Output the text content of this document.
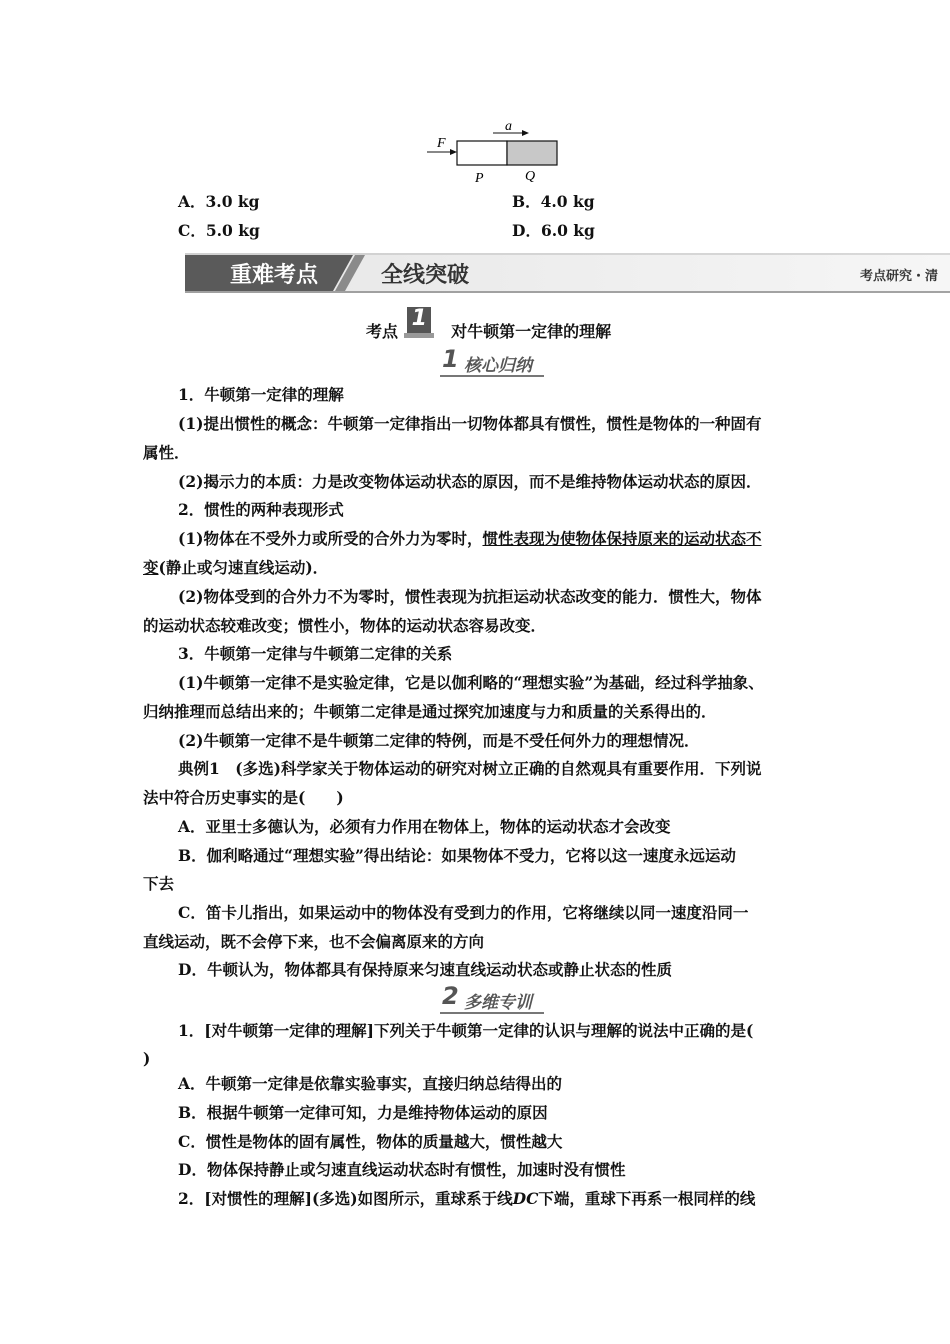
a
F
P	Q
A．3.0 kg	B．4.0 kg
C．5.0 kg	D．6.0 kg
重难考点	全线突破	考点研究・清
考点
1
对牛顿第一定律的理解
1 核心归纳
1．牛顿第一定律的理解
(1)提出惯性的概念：牛顿第一定律指出一切物体都具有惯性，惯性是物体的一种固有
属性．
(2)揭示力的本质：力是改变物体运动状态的原因，而不是维持物体运动状态的原因．
2．惯性的两种表现形式
(1)物体在不受外力或所受的合外力为零时，惯性表现为使物体保持原来的运动状态不
变(静止或匀速直线运动)．
(2)物体受到的合外力不为零时，惯性表现为抗拒运动状态改变的能力．惯性大，物体
的运动状态较难改变；惯性小，物体的运动状态容易改变．
3．牛顿第一定律与牛顿第二定律的关系
(1)牛顿第一定律不是实验定律，它是以伽利略的“理想实验”为基础，经过科学抽象、
归纳推理而总结出来的；牛顿第二定律是通过探究加速度与力和质量的关系得出的．
(2)牛顿第一定律不是牛顿第二定律的特例，而是不受任何外力的理想情况．
典例1　(多选)科学家关于物体运动的研究对树立正确的自然观具有重要作用．下列说
法中符合历史事实的是(　　)
A．亚里士多德认为，必须有力作用在物体上，物体的运动状态才会改变
B．伽利略通过“理想实验”得出结论：如果物体不受力，它将以这一速度永远运动
下去
C．笛卡儿指出，如果运动中的物体没有受到力的作用，它将继续以同一速度沿同一
直线运动，既不会停下来，也不会偏离原来的方向
D．牛顿认为，物体都具有保持原来匀速直线运动状态或静止状态的性质
2 多维专训
1．[对牛顿第一定律的理解]下列关于牛顿第一定律的认识与理解的说法中正确的是(
)
A．牛顿第一定律是依靠实验事实，直接归纳总结得出的
B．根据牛顿第一定律可知，力是维持物体运动的原因
C．惯性是物体的固有属性，物体的质量越大，惯性越大
D．物体保持静止或匀速直线运动状态时有惯性，加速时没有惯性
2．[对惯性的理解](多选)如图所示，重球系于线DC下端，重球下再系一根同样的线
